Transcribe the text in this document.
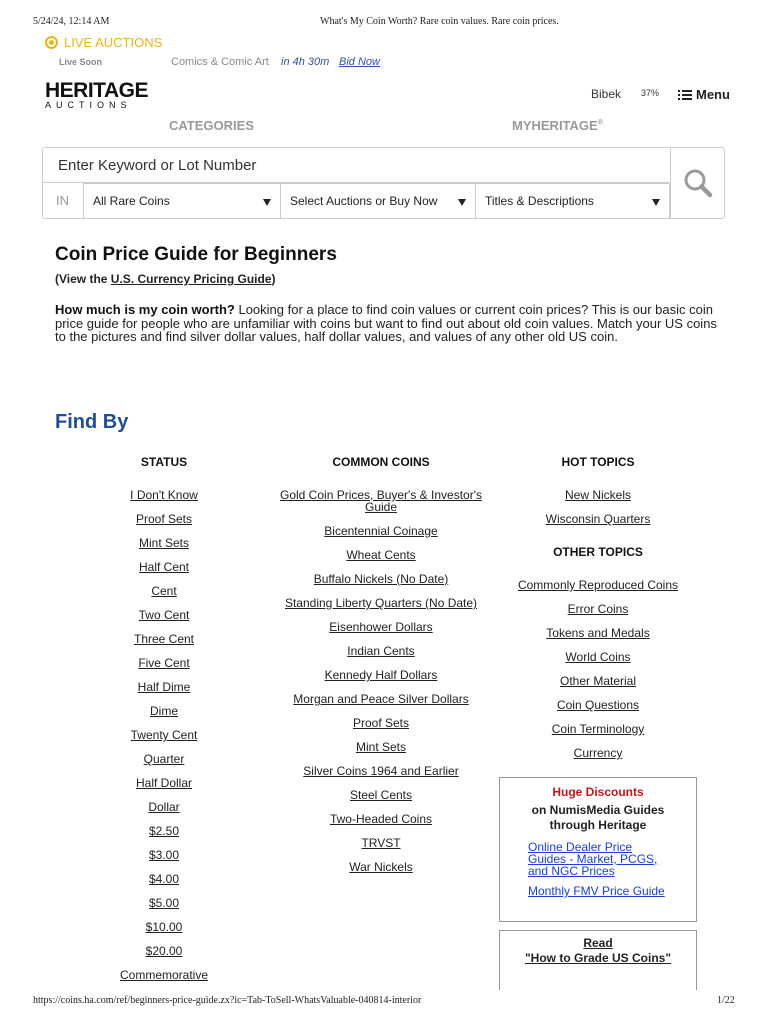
5/24/24, 12:14 AM	What's My Coin Worth? Rare coin values. Rare coin prices.
https://coins.ha.com/ref/beginners-price-guide.zx?ic=Tab-ToSell-WhatsValuable-040814-interior	1/22
LIVE AUCTIONS
Live Soon	Comics & Comic Art in 4h 30m Bid Now
HERITAGE
AUCTIONS
Bibek 37%	Menu
CATEGORIES	MYHERITAGE®
Enter Keyword or Lot Number
IN All Rare Coins	Select Auctions or Buy Now	Titles & Descriptions
Coin Price Guide for Beginners
(View the U.S. Currency Pricing Guide)

How much is my coin worth? Looking for a place to find coin values or current coin prices? This is our basic coin price guide for people who are unfamiliar with coins but want to find out about old coin values. Match your US coins to the pictures and find silver dollar values, half dollar values, and values of any other old US coin.

Find By
STATUS
I Don't Know
Proof Sets
Mint Sets
Half Cent
Cent
Two Cent
Three Cent
Five Cent
Half Dime
Dime
Twenty Cent
Quarter
Half Dollar
Dollar
$2.50
$3.00
$4.00
$5.00
$10.00
$20.00
Commemorative
COMMON COINS
Gold Coin Prices, Buyer's & Investor's Guide
Bicentennial Coinage
Wheat Cents
Buffalo Nickels (No Date)
Standing Liberty Quarters (No Date)
Eisenhower Dollars
Indian Cents
Kennedy Half Dollars
Morgan and Peace Silver Dollars
Proof Sets
Mint Sets
Silver Coins 1964 and Earlier
Steel Cents
Two-Headed Coins
TRVST
War Nickels
HOT TOPICS
New Nickels
Wisconsin Quarters
OTHER TOPICS
Commonly Reproduced Coins
Error Coins
Tokens and Medals
World Coins
Other Material
Coin Questions
Coin Terminology
Currency
Huge Discounts
on NumisMedia Guides through Heritage
Online Dealer Price Guides - Market, PCGS, and NGC Prices
Monthly FMV Price Guide
Read
"How to Grade US Coins"
